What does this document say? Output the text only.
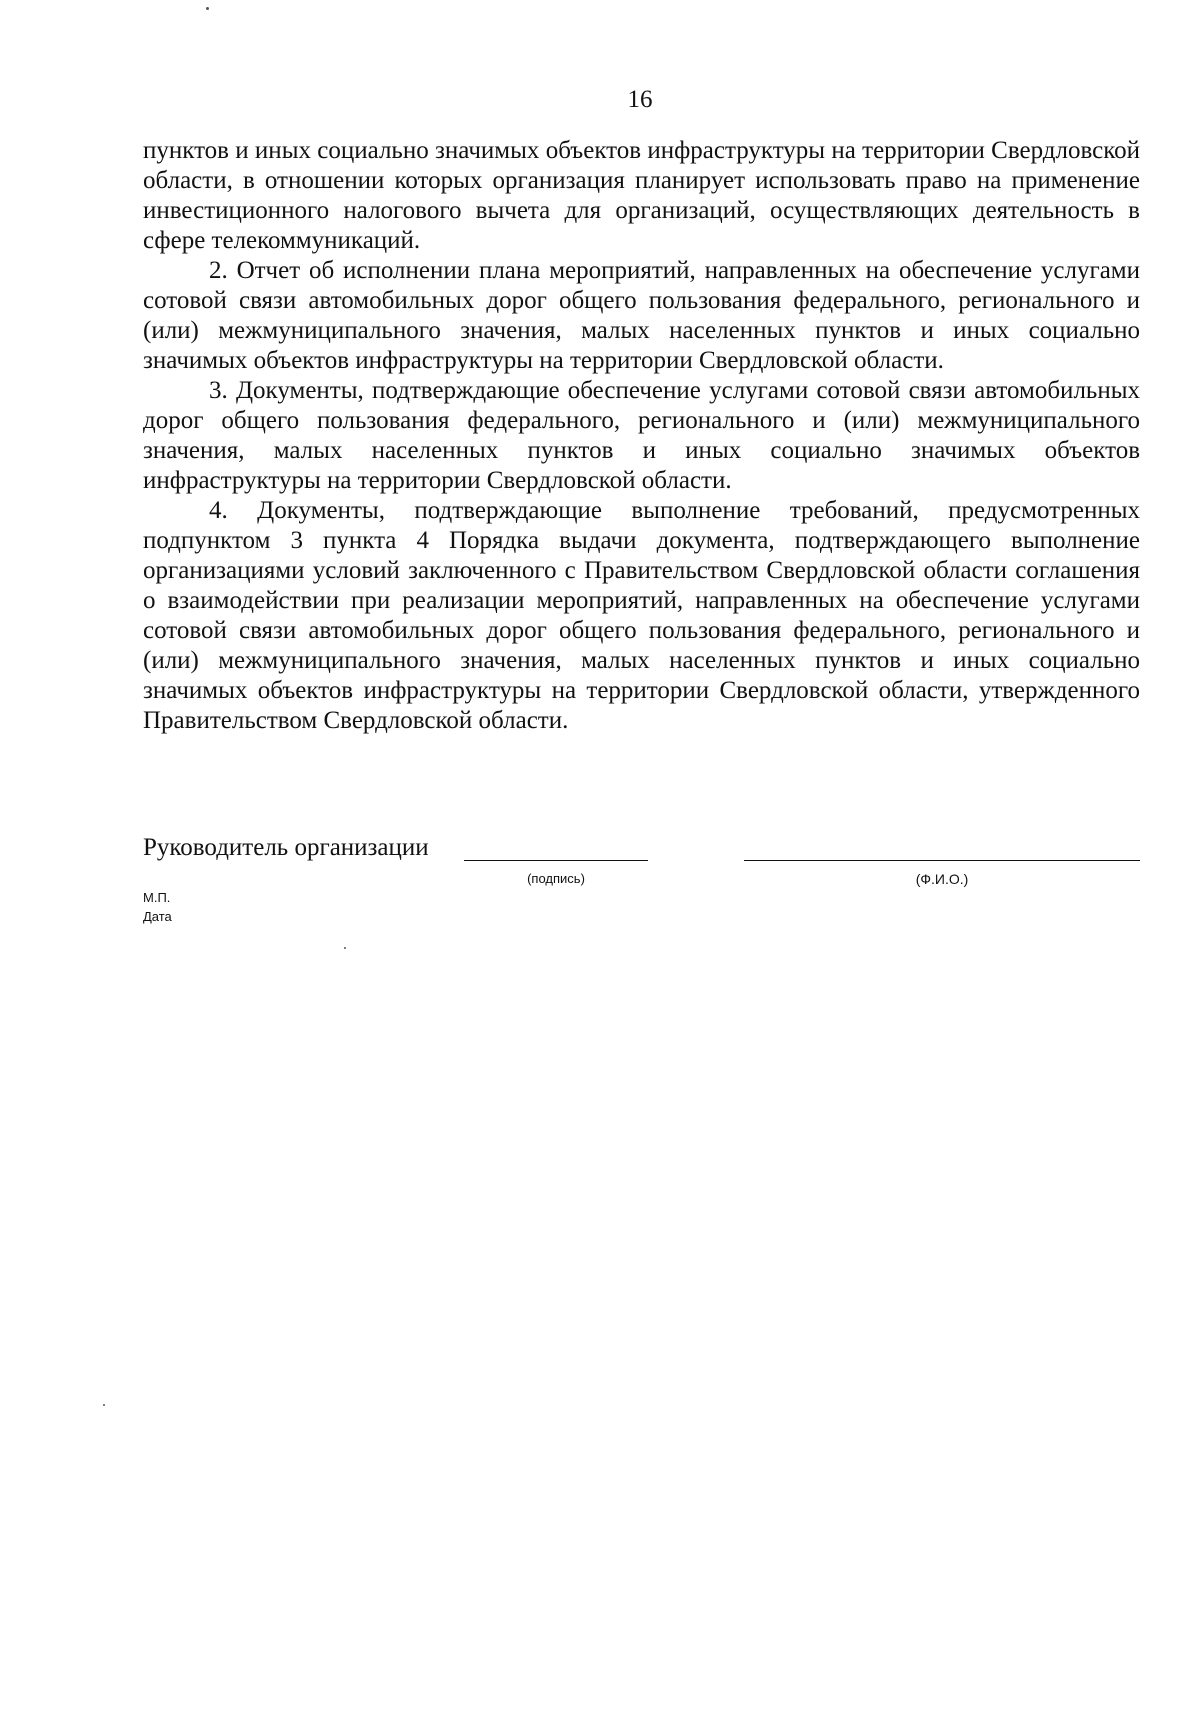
16

пунктов и иных социально значимых объектов инфраструктуры на территории Свердловской области, в отношении которых организация планирует использовать право на применение инвестиционного налогового вычета для организаций, осуществляющих деятельность в сфере телекоммуникаций.

2. Отчет об исполнении плана мероприятий, направленных на обеспечение услугами сотовой связи автомобильных дорог общего пользования федерального, регионального и (или) межмуниципального значения, малых населенных пунктов и иных социально значимых объектов инфраструктуры на территории Свердловской области.

3. Документы, подтверждающие обеспечение услугами сотовой связи автомобильных дорог общего пользования федерального, регионального и (или) межмуниципального значения, малых населенных пунктов и иных социально значимых объектов инфраструктуры на территории Свердловской области.

4. Документы, подтверждающие выполнение требований, предусмотренных подпунктом 3 пункта 4 Порядка выдачи документа, подтверждающего выполнение организациями условий заключенного с Правительством Свердловской области соглашения о взаимодействии при реализации мероприятий, направленных на обеспечение услугами сотовой связи автомобильных дорог общего пользования федерального, регионального и (или) межмуниципального значения, малых населенных пунктов и иных социально значимых объектов инфраструктуры на территории Свердловской области, утвержденного Правительством Свердловской области.

Руководитель организации
(подпись)	(Ф.И.О.)
М.П.
Дата
